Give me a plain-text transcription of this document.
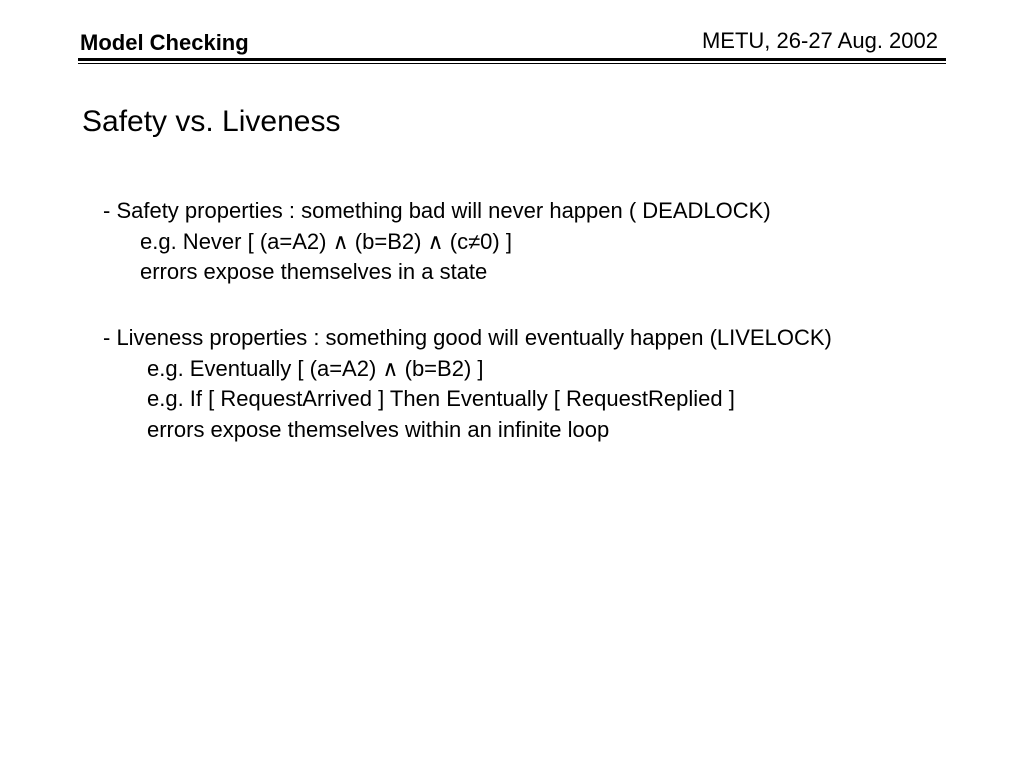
Model Checking	METU, 26-27 Aug. 2002
Safety vs. Liveness
- Safety properties : something bad will never happen ( DEADLOCK)
e.g. Never [ (a=A2) ∧ (b=B2) ∧ (c≠0) ]
errors expose themselves in a state
- Liveness properties : something good will eventually happen (LIVELOCK)
e.g. Eventually [ (a=A2) ∧ (b=B2) ]
e.g. If [ RequestArrived ] Then Eventually [ RequestReplied ]
errors expose themselves within an infinite loop
